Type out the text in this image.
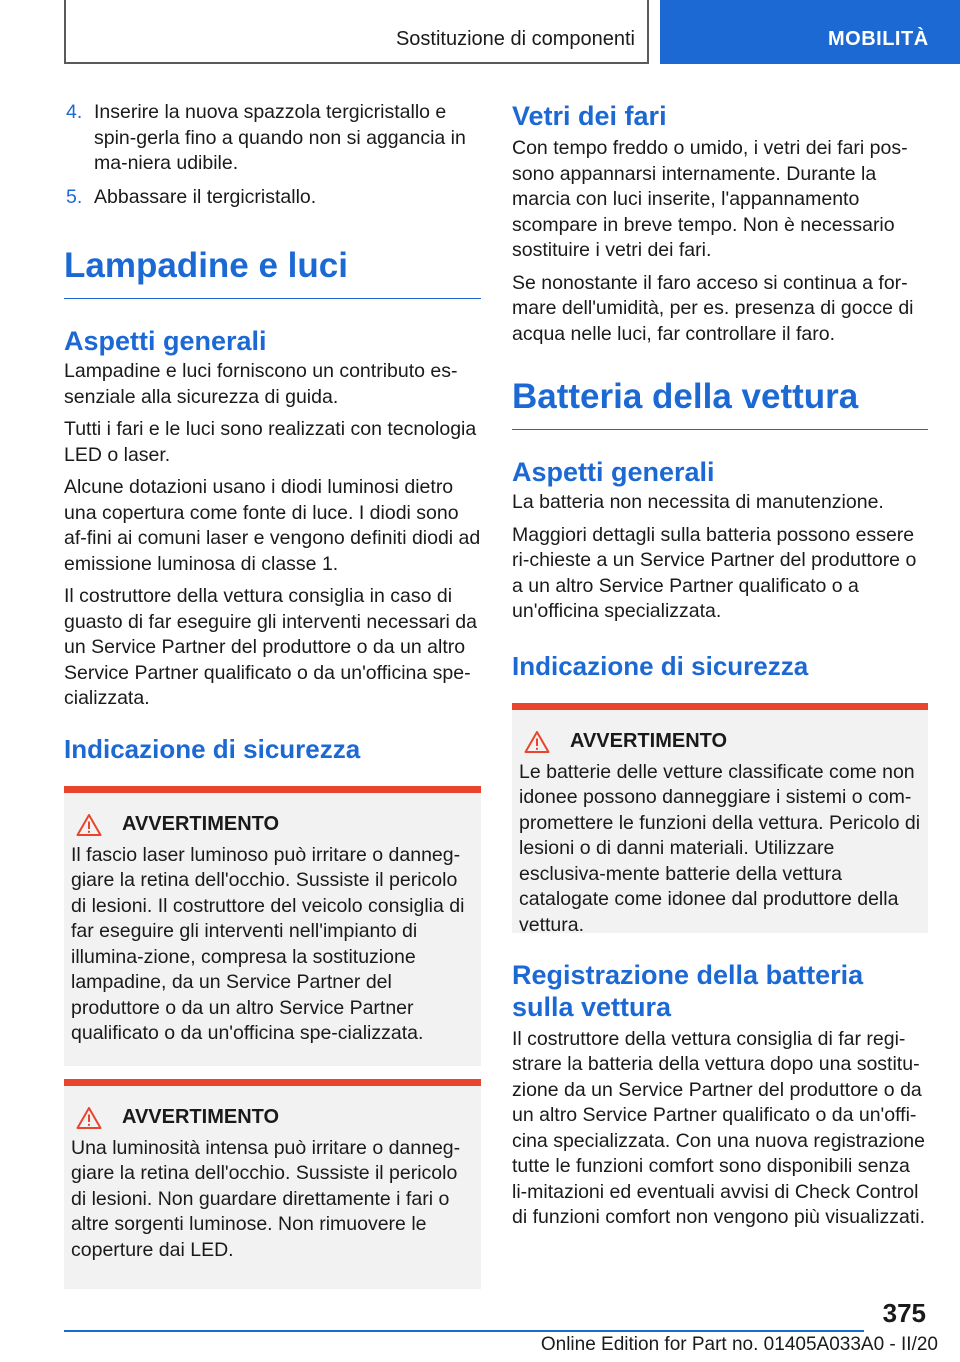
Sostituzione di componenti	MOBILITÀ
4. Inserire la nuova spazzola tergicristallo e spin-gerla fino a quando non si aggancia in ma-niera udibile.
5. Abbassare il tergicristallo.
Lampadine e luci
Aspetti generali

Lampadine e luci forniscono un contributo es-senziale alla sicurezza di guida.

Tutti i fari e le luci sono realizzati con tecnologia LED o laser.

Alcune dotazioni usano i diodi luminosi dietro una copertura come fonte di luce. I diodi sono af-fini ai comuni laser e vengono definiti diodi ad emissione luminosa di classe 1.

Il costruttore della vettura consiglia in caso di guasto di far eseguire gli interventi necessari da un Service Partner del produttore o da un altro Service Partner qualificato o da un'officina spe-cializzata.

Indicazione di sicurezza
AVVERTIMENTO

Il fascio laser luminoso può irritare o danneg-giare la retina dell'occhio. Sussiste il pericolo di lesioni. Il costruttore del veicolo consiglia di far eseguire gli interventi nell'impianto di illumina-zione, compresa la sostituzione lampadine, da un Service Partner del produttore o da un altro Service Partner qualificato o da un'officina spe-cializzata.

AVVERTIMENTO

Una luminosità intensa può irritare o danneg-giare la retina dell'occhio. Sussiste il pericolo di lesioni. Non guardare direttamente i fari o altre sorgenti luminose. Non rimuovere le coperture dai LED.

Vetri dei fari

Con tempo freddo o umido, i vetri dei fari pos-sono appannarsi internamente. Durante la marcia con luci inserite, l'appannamento scompare in breve tempo. Non è necessario sostituire i vetri dei fari.

Se nonostante il faro acceso si continua a for-mare dell'umidità, per es. presenza di gocce di acqua nelle luci, far controllare il faro.

Batteria della vettura
Aspetti generali

La batteria non necessita di manutenzione.

Maggiori dettagli sulla batteria possono essere ri-chieste a un Service Partner del produttore o a un altro Service Partner qualificato o a un'officina specializzata.

Indicazione di sicurezza
AVVERTIMENTO

Le batterie delle vetture classificate come non idonee possono danneggiare i sistemi o com-promettere le funzioni della vettura. Pericolo di lesioni o di danni materiali. Utilizzare esclusiva-mente batterie della vettura catalogate come idonee dal produttore della vettura.

Registrazione della batteria sulla vettura

Il costruttore della vettura consiglia di far regi-strare la batteria della vettura dopo una sostitu-zione da un Service Partner del produttore o da un altro Service Partner qualificato o da un'offi-cina specializzata. Con una nuova registrazione tutte le funzioni comfort sono disponibili senza li-mitazioni ed eventuali avvisi di Check Control di funzioni comfort non vengono più visualizzati.

375
Online Edition for Part no. 01405A033A0 - II/20
